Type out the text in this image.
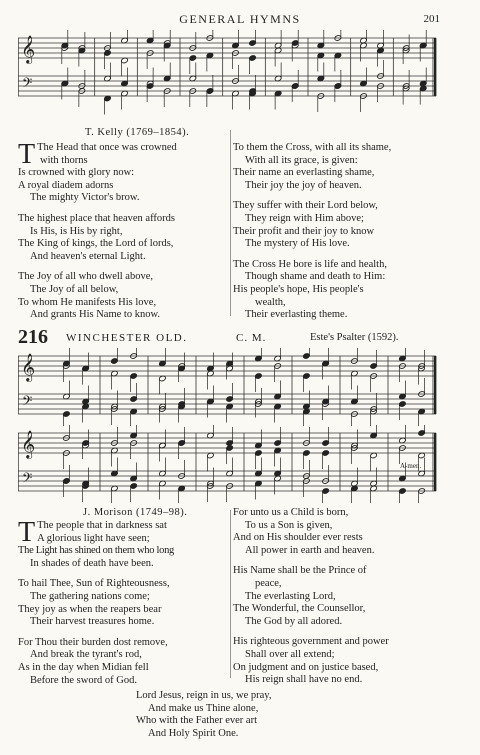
GENERAL HYMNS	201
𝄞
𝄢
T. Kelly (1769–1854).
T The Head that once was crowned
with thorns
Is crowned with glory now:
A royal diadem adorns
The mighty Victor's brow.
The highest place that heaven affords
Is His, is His by right,
The King of kings, the Lord of lords,
And heaven's eternal Light.
The Joy of all who dwell above,
The Joy of all below,
To whom He manifests His love,
And grants His Name to know.
To them the Cross, with all its shame,
With all its grace, is given:
Their name an everlasting shame,
Their joy the joy of heaven.
They suffer with their Lord below,
They reign with Him above;
Their profit and their joy to know
The mystery of His love.
The Cross He bore is life and health,
Though shame and death to Him:
His people's hope, His people's
wealth,
Their everlasting theme.
216 WINCHESTER OLD.	C. M.	Este's Psalter (1592).
𝄞
𝄢
𝄞
𝄢
A-men.
J. Morison (1749–98).
T The people that in darkness sat
A glorious light have seen;
The Light has shined on them who long
In shades of death have been.
To hail Thee, Sun of Righteousness,
The gathering nations come;
They joy as when the reapers bear
Their harvest treasures home.
For Thou their burden dost remove,
And break the tyrant's rod,
As in the day when Midian fell
Before the sword of God.
For unto us a Child is born,
To us a Son is given,
And on His shoulder ever rests
All power in earth and heaven.
His Name shall be the Prince of
peace,
The everlasting Lord,
The Wonderful, the Counsellor,
The God by all adored.
His righteous government and power
Shall over all extend;
On judgment and on justice based,
His reign shall have no end.
Lord Jesus, reign in us, we pray,
And make us Thine alone,
Who with the Father ever art
And Holy Spirit One.
